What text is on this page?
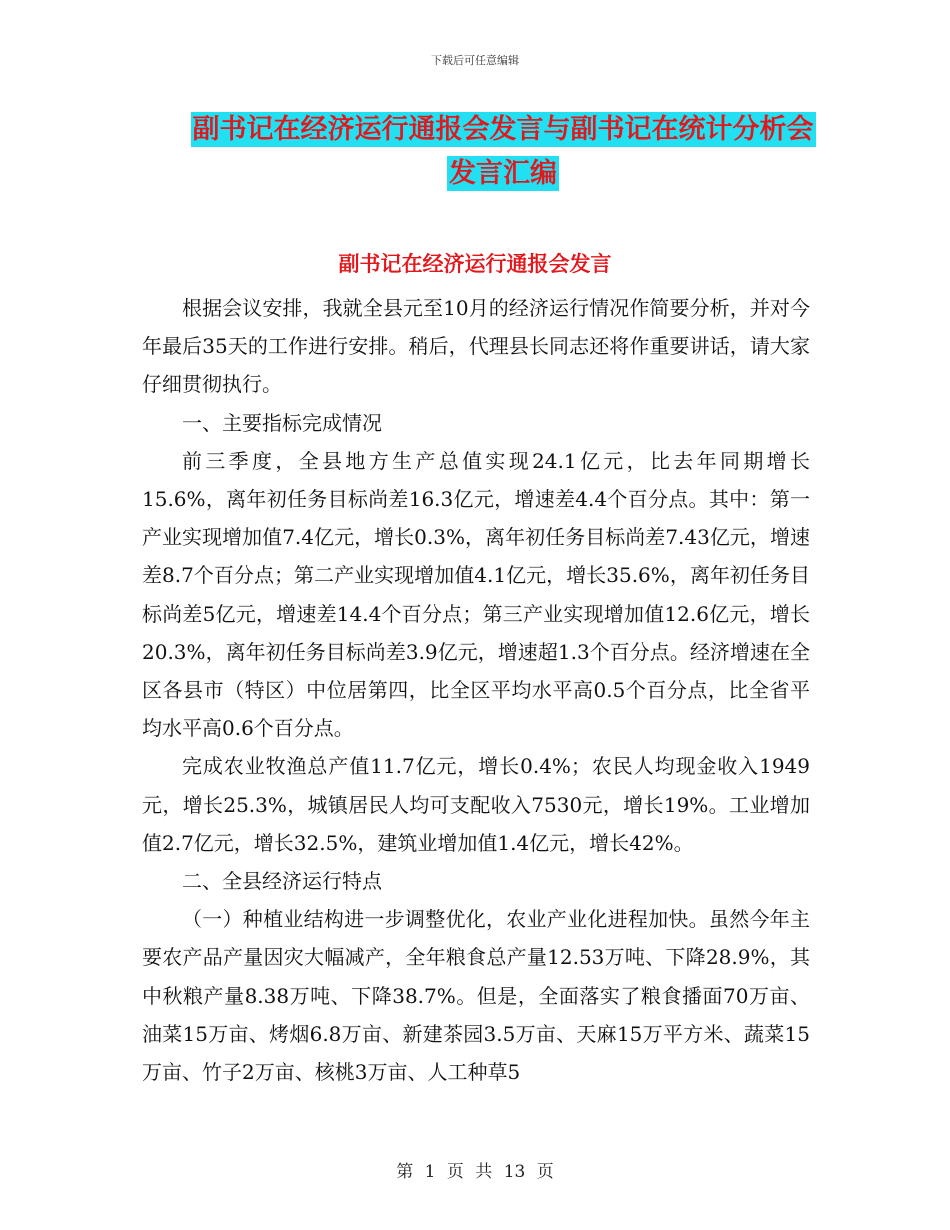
下载后可任意编辑
副书记在经济运行通报会发言与副书记在统计分析会
发言汇编
副书记在经济运行通报会发言

根据会议安排，我就全县元至10月的经济运行情况作简要分析，并对今年最后35天的工作进行安排。稍后，代理县长同志还将作重要讲话，请大家仔细贯彻执行。

一、主要指标完成情况

前三季度，全县地方生产总值实现24.1亿元，比去年同期增长15.6%，离年初任务目标尚差16.3亿元，增速差4.4个百分点。其中：第一产业实现增加值7.4亿元，增长0.3%，离年初任务目标尚差7.43亿元，增速差8.7个百分点；第二产业实现增加值4.1亿元，增长35.6%，离年初任务目标尚差5亿元，增速差14.4个百分点；第三产业实现增加值12.6亿元，增长20.3%，离年初任务目标尚差3.9亿元，增速超1.3个百分点。经济增速在全区各县市（特区）中位居第四，比全区平均水平高0.5个百分点，比全省平均水平高0.6个百分点。

完成农业牧渔总产值11.7亿元，增长0.4%；农民人均现金收入1949元，增长25.3%，城镇居民人均可支配收入7530元，增长19%。工业增加值2.7亿元，增长32.5%，建筑业增加值1.4亿元，增长42%。

二、全县经济运行特点

（一）种植业结构进一步调整优化，农业产业化进程加快。虽然今年主要农产品产量因灾大幅减产，全年粮食总产量12.53万吨、下降28.9%，其中秋粮产量8.38万吨、下降38.7%。但是，全面落实了粮食播面70万亩、油菜15万亩、烤烟6.8万亩、新建茶园3.5万亩、天麻15万平方米、蔬菜15万亩、竹子2万亩、核桃3万亩、人工种草5

第 1 页 共 13 页
